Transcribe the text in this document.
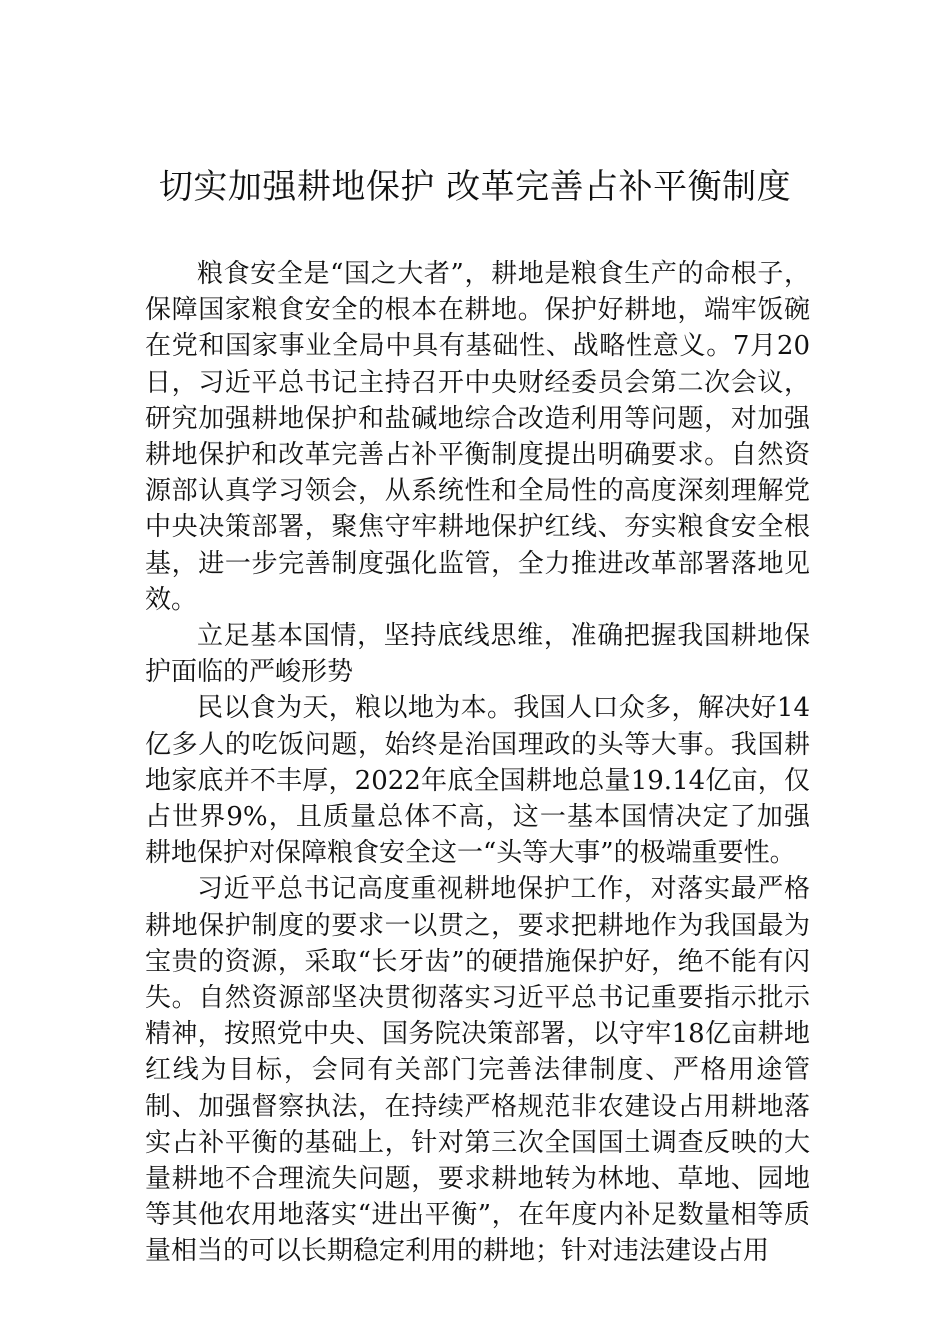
切实加强耕地保护 改革完善占补平衡制度

粮食安全是“国之大者”，耕地是粮食生产的命根子，保障国家粮食安全的根本在耕地。保护好耕地，端牢饭碗在党和国家事业全局中具有基础性、战略性意义。7月20日，习近平总书记主持召开中央财经委员会第二次会议，研究加强耕地保护和盐碱地综合改造利用等问题，对加强耕地保护和改革完善占补平衡制度提出明确要求。自然资源部认真学习领会，从系统性和全局性的高度深刻理解党中央决策部署，聚焦守牢耕地保护红线、夯实粮食安全根基，进一步完善制度强化监管，全力推进改革部署落地见效。

立足基本国情，坚持底线思维，准确把握我国耕地保护面临的严峻形势

民以食为天，粮以地为本。我国人口众多，解决好14亿多人的吃饭问题，始终是治国理政的头等大事。我国耕地家底并不丰厚，2022年底全国耕地总量19.14亿亩，仅占世界9%，且质量总体不高，这一基本国情决定了加强耕地保护对保障粮食安全这一“头等大事”的极端重要性。

习近平总书记高度重视耕地保护工作，对落实最严格耕地保护制度的要求一以贯之，要求把耕地作为我国最为宝贵的资源，采取“长牙齿”的硬措施保护好，绝不能有闪失。自然资源部坚决贯彻落实习近平总书记重要指示批示精神，按照党中央、国务院决策部署，以守牢18亿亩耕地红线为目标，会同有关部门完善法律制度、严格用途管制、加强督察执法，在持续严格规范非农建设占用耕地落实占补平衡的基础上，针对第三次全国国土调查反映的大量耕地不合理流失问题，要求耕地转为林地、草地、园地等其他农用地落实“进出平衡”，在年度内补足数量相等质量相当的可以长期稳定利用的耕地；针对违法建设占用
